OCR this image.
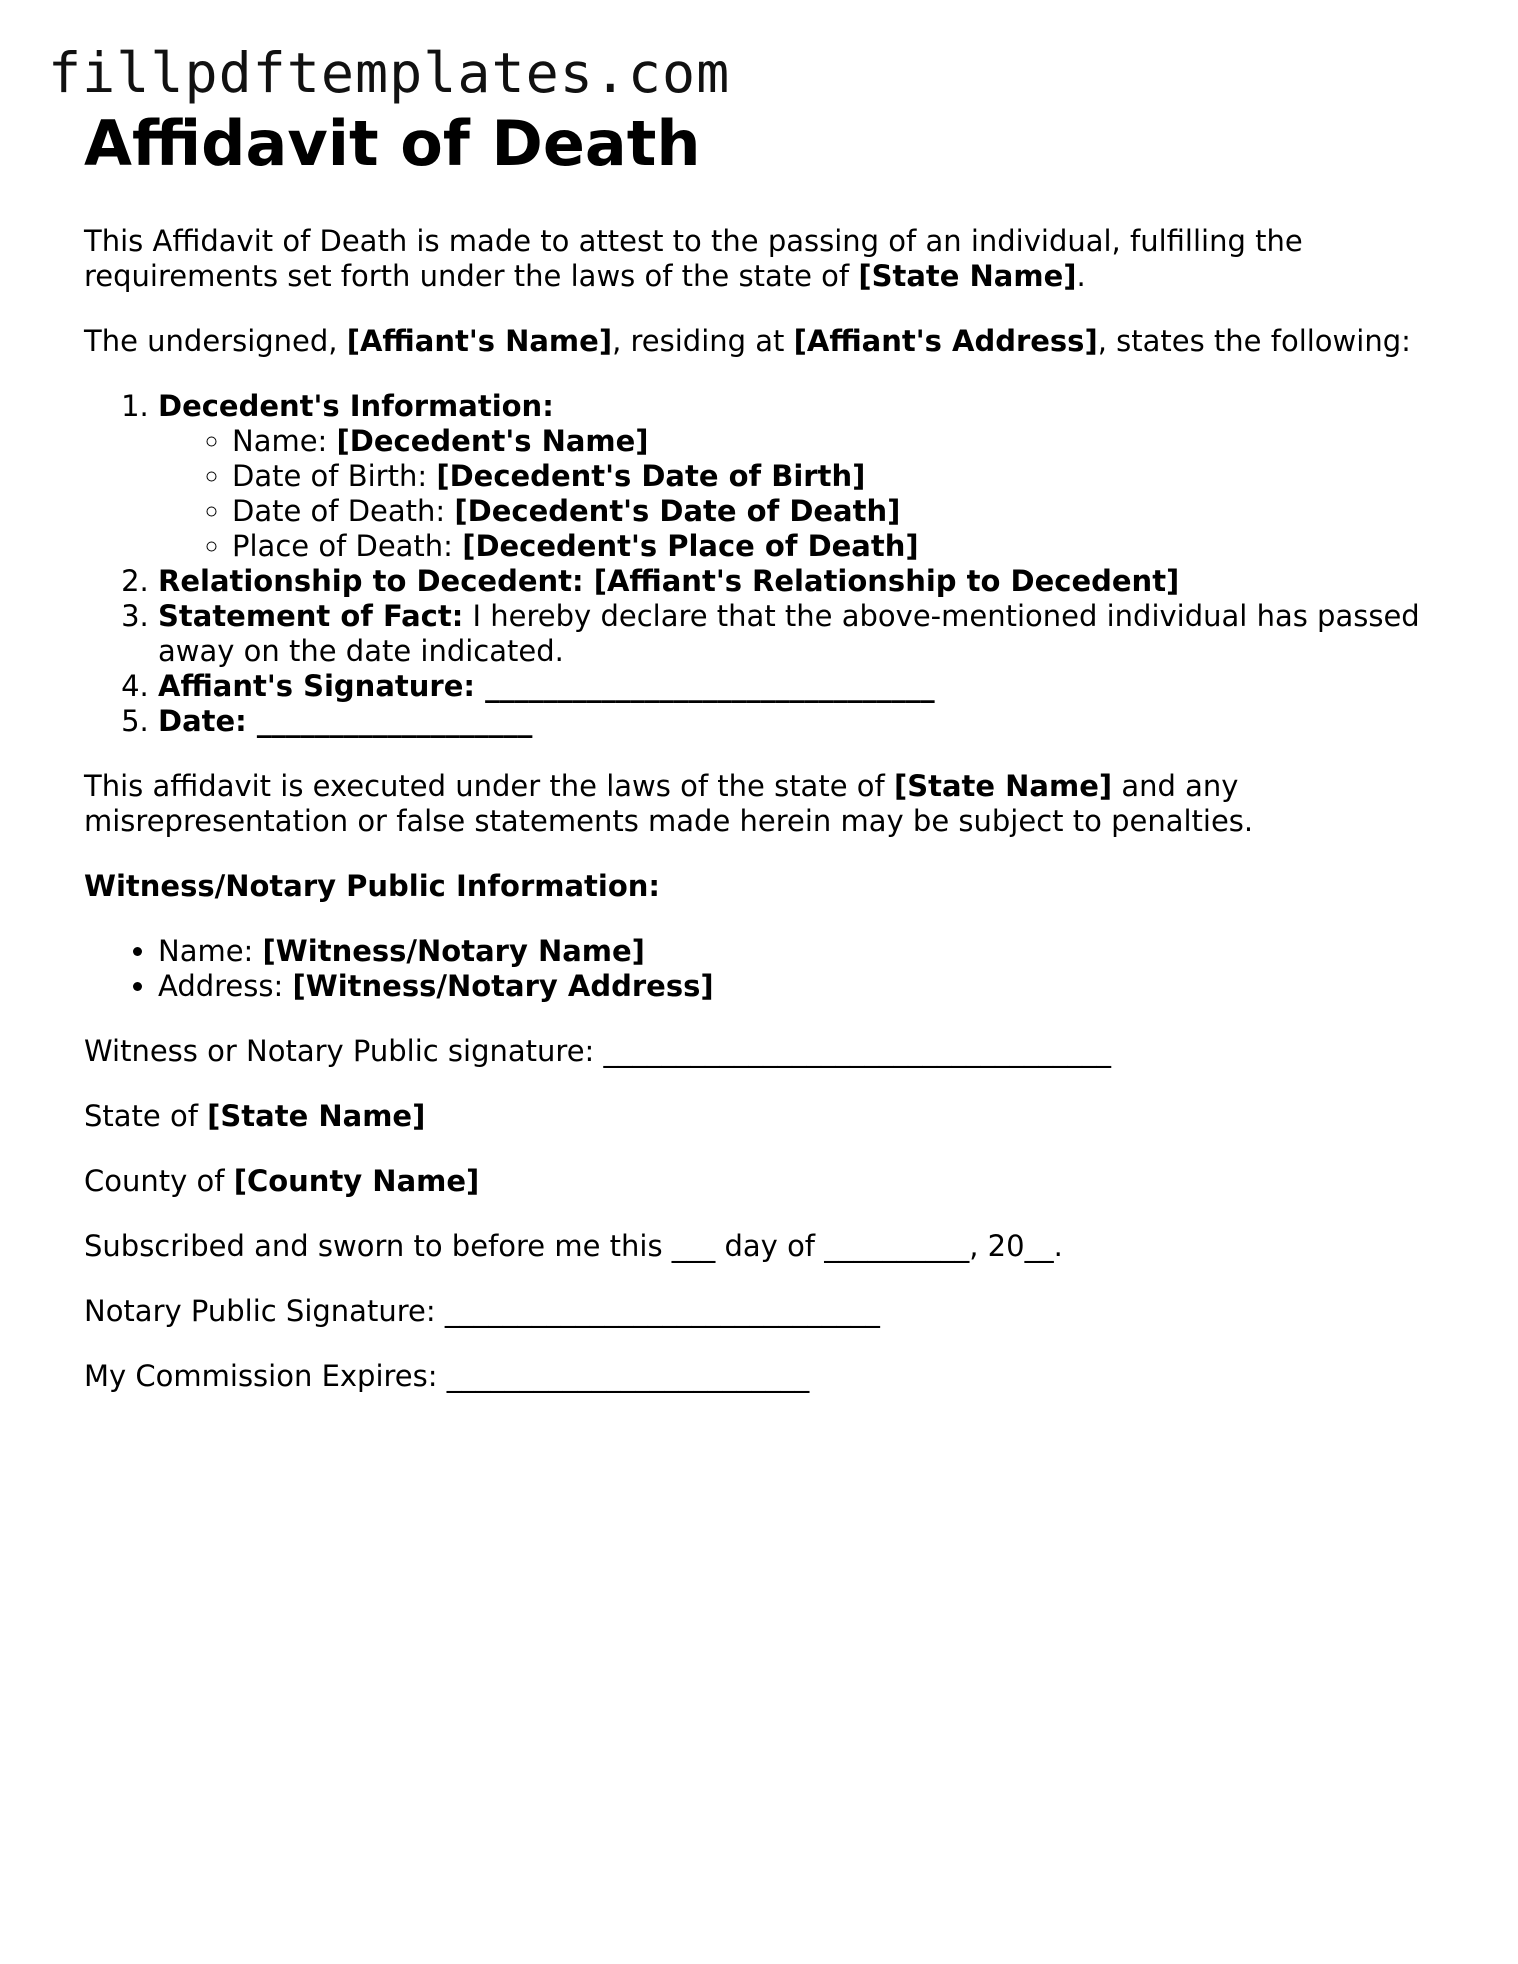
fillpdftemplates.com
Affidavit of Death

This Affidavit of Death is made to attest to the passing of an individual, fulfilling the requirements set forth under the laws of the state of [State Name].

The undersigned, [Affiant's Name], residing at [Affiant's Address], states the following:

1. Decedent's Information:
◦ Name: [Decedent's Name]
◦ Date of Birth: [Decedent's Date of Birth]
◦ Date of Death: [Decedent's Date of Death]
◦ Place of Death: [Decedent's Place of Death]
2. Relationship to Decedent: [Affiant's Relationship to Decedent]
3. Statement of Fact: I hereby declare that the above-mentioned individual has passed away on the date indicated.
4. Affiant's Signature: _______________________________
5. Date: ___________________

This affidavit is executed under the laws of the state of [State Name] and any misrepresentation or false statements made herein may be subject to penalties.

Witness/Notary Public Information:

• Name: [Witness/Notary Name]
• Address: [Witness/Notary Address]

Witness or Notary Public signature: ___________________________________

State of [State Name]

County of [County Name]

Subscribed and sworn to before me this ___ day of __________, 20__.

Notary Public Signature: ______________________________

My Commission Expires: _________________________
